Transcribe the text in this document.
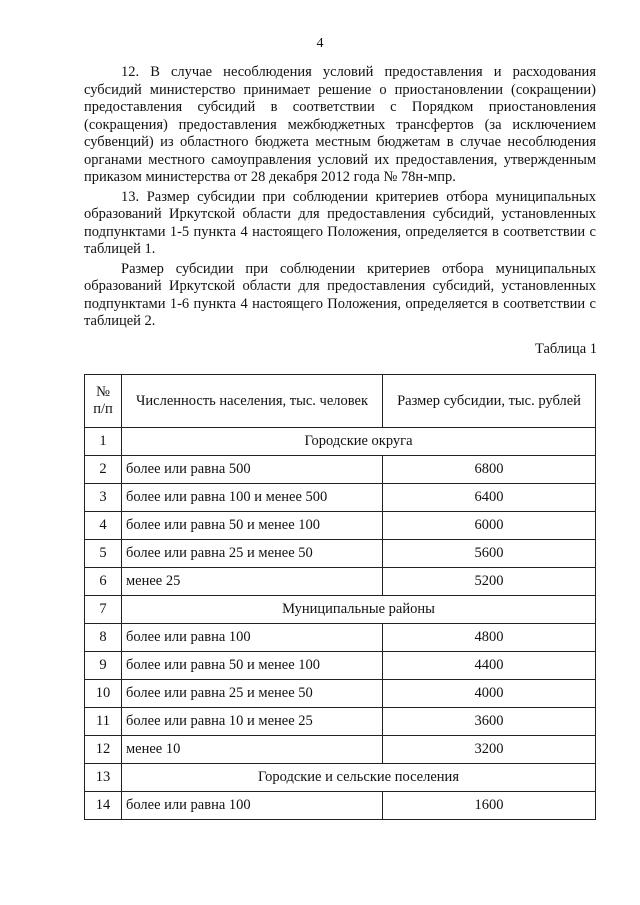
4

12. В случае несоблюдения условий предоставления и расходования субсидий министерство принимает решение о приостановлении (сокращении) предоставления субсидий в соответствии с Порядком приостановления (сокращения) предоставления межбюджетных трансфертов (за исключением субвенций) из областного бюджета местным бюджетам в случае несоблюдения органами местного самоуправления условий их предоставления, утвержденным приказом министерства от 28 декабря 2012 года № 78н-мпр.

13. Размер субсидии при соблюдении критериев отбора муниципальных образований Иркутской области для предоставления субсидий, установленных подпунктами 1-5 пункта 4 настоящего Положения, определяется в соответствии с таблицей 1.

Размер субсидии при соблюдении критериев отбора муниципальных образований Иркутской области для предоставления субсидий, установленных подпунктами 1-6 пункта 4 настоящего Положения, определяется в соответствии с таблицей 2.

Таблица 1
№ п/п	Численность населения, тыс. человек	Размер субсидии, тыс. рублей
1	Городские округа	
2	более или равна 500	6800
3	более или равна 100 и менее 500	6400
4	более или равна 50 и менее 100	6000
5	более или равна 25 и менее 50	5600
6	менее 25	5200
7	Муниципальные районы	
8	более или равна 100	4800
9	более или равна 50 и менее 100	4400
10	более или равна 25 и менее 50	4000
11	более или равна 10 и менее 25	3600
12	менее 10	3200
13	Городские и сельские поселения	
14	более или равна 100	1600
